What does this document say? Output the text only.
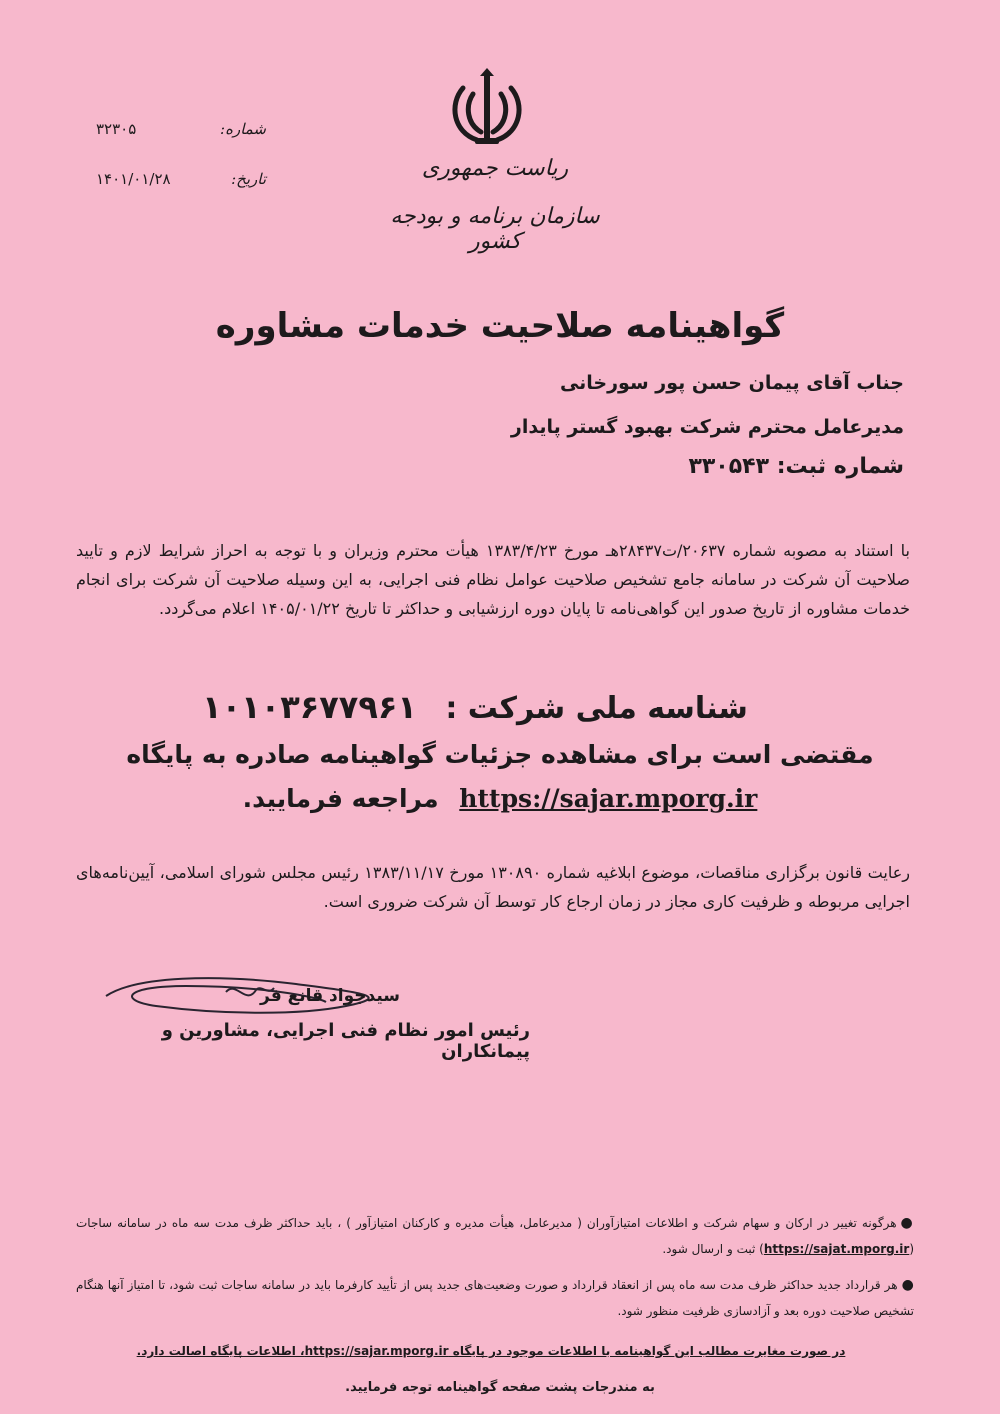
ریاست جمهوری
سازمان برنامه و بودجه کشور
شماره:
۳۲۳۰۵
تاریخ:
۱۴۰۱/۰۱/۲۸
گواهینامه صلاحیت خدمات مشاوره
جناب آقای پیمان حسن پور سورخانی
مدیرعامل محترم شرکت بهبود گستر پایدار
شماره ثبت: ۳۳۰۵۴۳
با استناد به مصوبه شماره ۲۰۶۳۷/ت۲۸۴۳۷هـ مورخ ۱۳۸۳/۴/۲۳ هیأت محترم وزیران و با توجه به احراز شرایط لازم و تایید صلاحیت آن شرکت در سامانه جامع تشخیص صلاحیت عوامل نظام فنی اجرایی، به این وسیله صلاحیت آن شرکت برای انجام خدمات مشاوره از تاریخ صدور این گواهی‌نامه تا پایان دوره ارزشیابی و حداکثر تا تاریخ ۱۴۰۵/۰۱/۲۲ اعلام می‌گردد.
شناسه ملی شرکت : ۱۰۱۰۳۶۷۷۹۶۱
مقتضی است برای مشاهده جزئیات گواهینامه صادره به پایگاه
https://sajar.mporg.ir مراجعه فرمایید.
رعایت قانون برگزاری مناقصات، موضوع ابلاغیه شماره ۱۳۰۸۹۰ مورخ ۱۳۸۳/۱۱/۱۷ رئیس مجلس شورای اسلامی، آیین‌نامه‌های اجرایی مربوطه و ظرفیت کاری مجاز در زمان ارجاع کار توسط آن شرکت ضروری است.
سیدجواد قانع فر
رئیس امور نظام فنی اجرایی، مشاورین و پیمانکاران
●هرگونه تغییر در ارکان و سهام شرکت و اطلاعات امتیازآوران ( مدیرعامل، هیأت مدیره و کارکنان امتیازآور ) ، باید حداکثر ظرف مدت سه ماه در سامانه ساجات (https://sajat.mporg.ir) ثبت و ارسال شود.
●هر قرارداد جدید حداکثر ظرف مدت سه ماه پس از انعقاد قرارداد و صورت وضعیت‌های جدید پس از تأیید کارفرما باید در سامانه ساجات ثبت شود، تا امتیاز آنها هنگام تشخیص صلاحیت دوره بعد و آزادسازی ظرفیت منظور شود.
در صورت مغایرت مطالب این گواهینامه با اطلاعات موجود در پایگاه https://sajar.mporg.ir، اطلاعات پایگاه اصالت دارد.
به مندرجات پشت صفحه گواهینامه توجه فرمایید.
